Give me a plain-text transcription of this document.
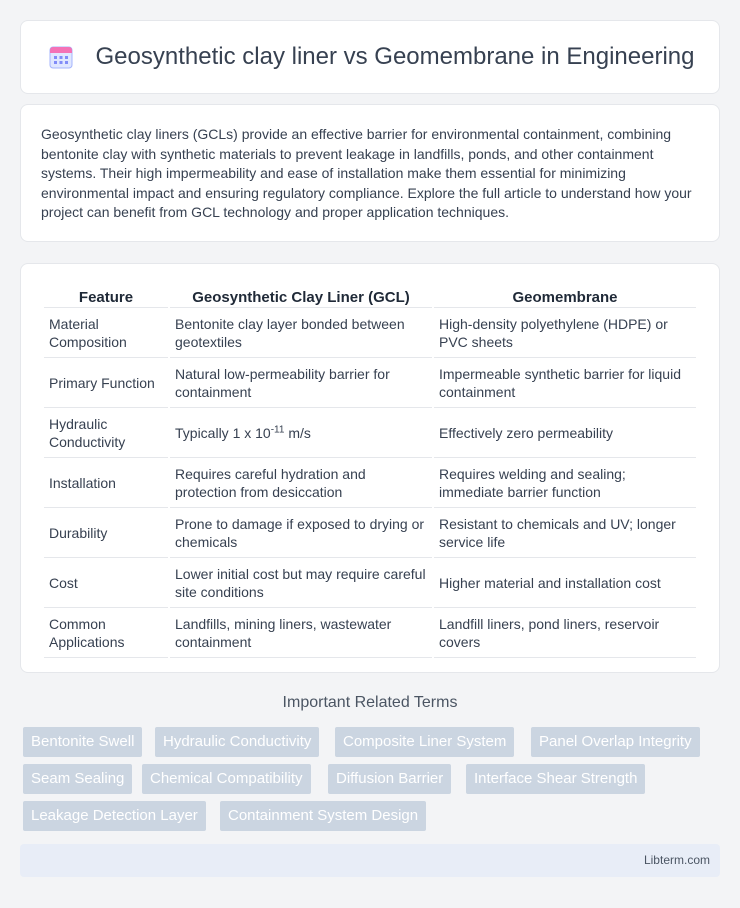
Geosynthetic clay liner vs Geomembrane in Engineering

Geosynthetic clay liners (GCLs) provide an effective barrier for environmental containment, combining bentonite clay with synthetic materials to prevent leakage in landfills, ponds, and other containment systems. Their high impermeability and ease of installation make them essential for minimizing environmental impact and ensuring regulatory compliance. Explore the full article to understand how your project can benefit from GCL technology and proper application techniques.

Feature	Geosynthetic Clay Liner (GCL)	Geomembrane
Material Composition	Bentonite clay layer bonded between geotextiles	High-density polyethylene (HDPE) or PVC sheets
Primary Function	Natural low-permeability barrier for containment	Impermeable synthetic barrier for liquid containment
Hydraulic Conductivity	Typically 1 x $10^{-11}$ m/s	Effectively zero permeability
Installation	Requires careful hydration and protection from desiccation	Requires welding and sealing; immediate barrier function
Durability	Prone to damage if exposed to drying or chemicals	Resistant to chemicals and UV; longer service life
Cost	Lower initial cost but may require careful site conditions	Higher material and installation cost
Common Applications	Landfills, mining liners, wastewater containment	Landfill liners, pond liners, reservoir covers
Important Related Terms
Bentonite Swell	Hydraulic Conductivity	Composite Liner System	Panel Overlap Integrity
Seam Sealing	Chemical Compatibility	Diffusion Barrier	Interface Shear Strength
Leakage Detection Layer	Containment System Design
Libterm.com
